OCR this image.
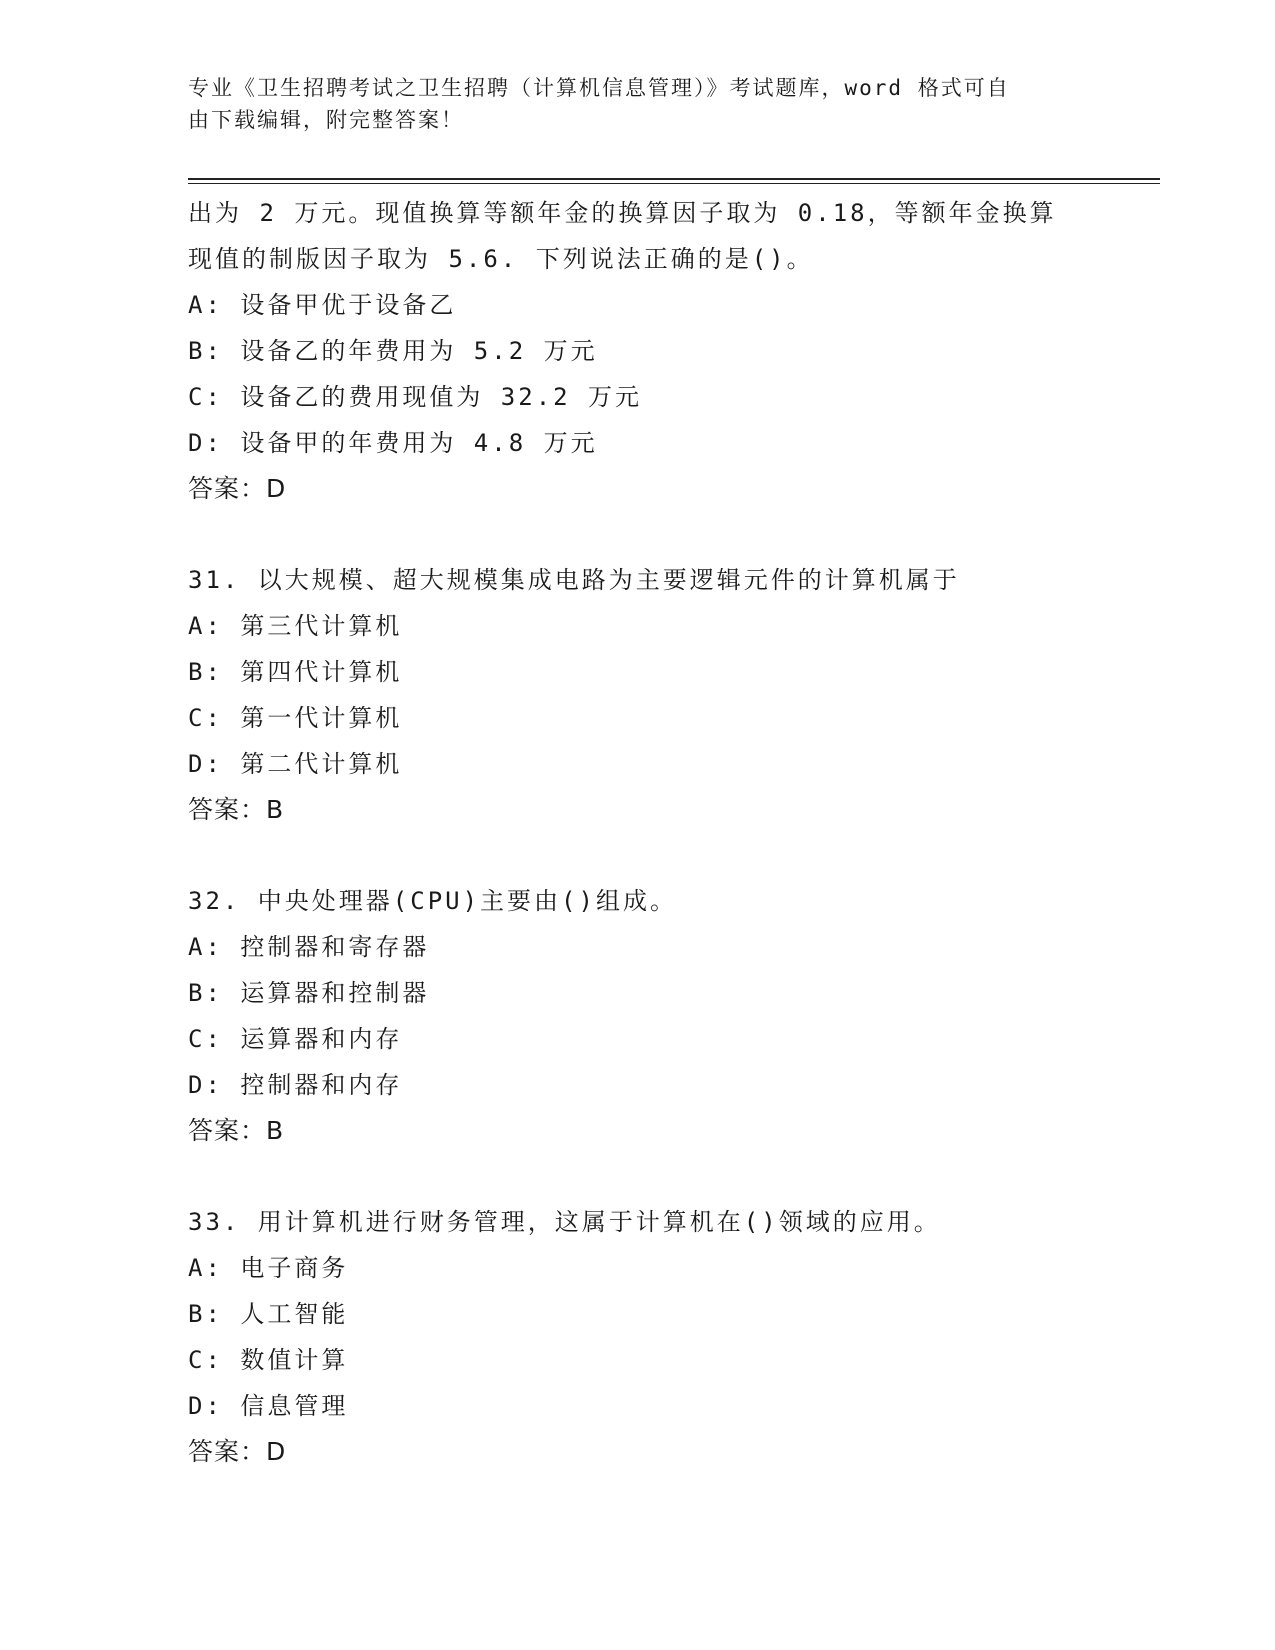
专业《卫生招聘考试之卫生招聘（计算机信息管理）》考试题库，word 格式可自
由下载编辑，附完整答案！
出为 2 万元。现值换算等额年金的换算因子取为 0.18，等额年金换算
现值的制版因子取为 5.6. 下列说法正确的是()。
A: 设备甲优于设备乙
B: 设备乙的年费用为 5.2 万元
C: 设备乙的费用现值为 32.2 万元
D: 设备甲的年费用为 4.8 万元
答案：D
31. 以大规模、超大规模集成电路为主要逻辑元件的计算机属于
A: 第三代计算机
B: 第四代计算机
C: 第一代计算机
D: 第二代计算机
答案：B
32. 中央处理器(CPU)主要由()组成。
A: 控制器和寄存器
B: 运算器和控制器
C: 运算器和内存
D: 控制器和内存
答案：B
33. 用计算机进行财务管理，这属于计算机在()领域的应用。
A: 电子商务
B: 人工智能
C: 数值计算
D: 信息管理
答案：D
